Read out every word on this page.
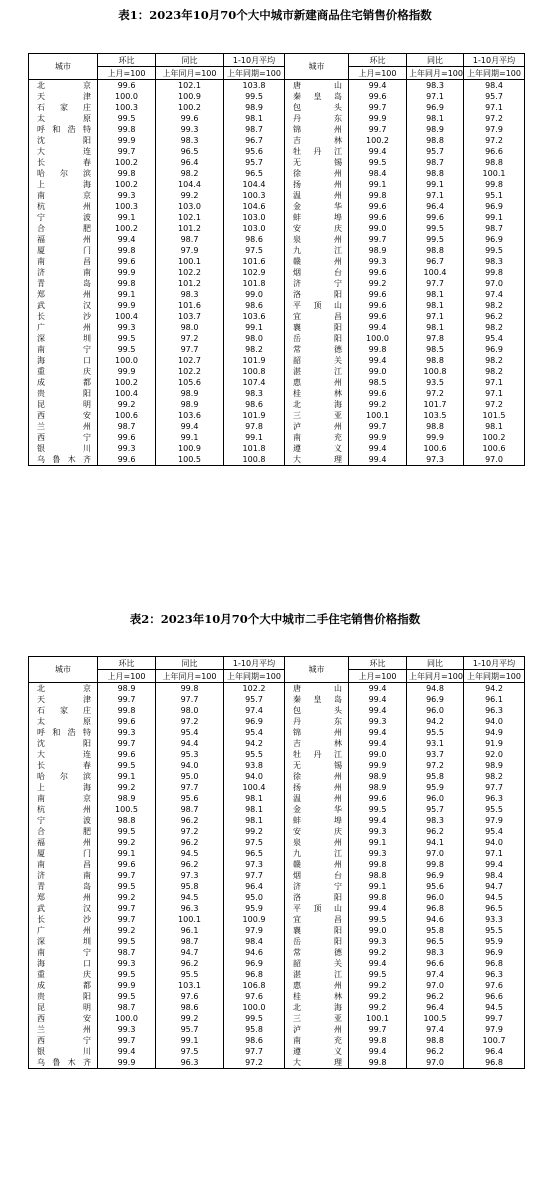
表1：2023年10月70个大中城市新建商品住宅销售价格指数
城市	环比	同比	1-10月平均	城市	环比	同比	1-10月平均
	上月=100	上年同月=100	上年同期=100		上月=100	上年同月=100	上年同期=100
北　　京	99.6	102.1	103.8	唐　　山	99.4	98.3	98.4
天　　津	100.0	100.9	99.5	秦 皇 岛	99.6	97.1	95.7
石 家 庄	100.3	100.2	98.9	包　　头	99.7	96.9	97.1
太　　原	99.5	99.6	98.1	丹　　东	99.9	98.1	97.2
呼和浩特	99.8	99.3	98.7	锦　　州	99.7	98.9	97.9
沈　　阳	99.9	98.3	96.7	吉　　林	100.2	98.8	97.2
大　　连	99.7	96.5	95.6	牡 丹 江	99.4	95.7	96.6
长　　春	100.2	96.4	95.7	无　　锡	99.5	98.7	98.8
哈 尔 滨	99.8	98.2	96.5	徐　　州	98.4	98.8	100.1
上　　海	100.2	104.4	104.4	扬　　州	99.1	99.1	99.8
南　　京	99.3	99.2	100.3	温　　州	99.8	97.1	95.1
杭　　州	100.3	103.0	104.6	金　　华	99.6	96.4	96.9
宁　　波	99.1	102.1	103.0	蚌　　埠	99.6	99.6	99.1
合　　肥	100.2	101.2	103.0	安　　庆	99.0	99.5	98.7
福　　州	99.4	98.7	98.6	泉　　州	99.7	99.5	96.9
厦　　门	99.8	97.9	97.5	九　　江	98.9	98.8	99.5
南　　昌	99.6	100.1	101.6	赣　　州	99.3	96.7	98.3
济　　南	99.9	102.2	102.9	烟　　台	99.6	100.4	99.8
青　　岛	99.8	101.2	101.8	济　　宁	99.2	97.7	97.0
郑　　州	99.1	98.3	99.0	洛　　阳	99.6	98.1	97.4
武　　汉	99.9	101.6	98.6	平 顶 山	99.6	98.1	98.2
长　　沙	100.4	103.7	103.6	宜　　昌	99.6	97.1	96.2
广　　州	99.3	98.0	99.1	襄　　阳	99.4	98.1	98.2
深　　圳	99.5	97.2	98.0	岳　　阳	100.0	97.8	95.4
南　　宁	99.5	97.7	98.2	常　　德	99.8	98.5	96.9
海　　口	100.0	102.7	101.9	韶　　关	99.4	98.8	98.2
重　　庆	99.9	102.2	100.8	湛　　江	99.0	100.8	98.2
成　　都	100.2	105.6	107.4	惠　　州	98.5	93.5	97.1
贵　　阳	100.4	98.9	98.3	桂　　林	99.6	97.2	97.1
昆　　明	99.2	98.9	98.6	北　　海	99.2	101.7	97.2
西　　安	100.6	103.6	101.9	三　　亚	100.1	103.5	101.5
兰　　州	98.7	99.4	97.8	泸　　州	99.7	98.8	98.1
西　　宁	99.6	99.1	99.1	南　　充	99.9	99.9	100.2
银　　川	99.3	100.9	101.8	遵　　义	99.4	100.6	100.6
乌鲁木齐	99.6	100.5	100.8	大　　理	99.4	97.3	97.0
表2：2023年10月70个大中城市二手住宅销售价格指数
城市	环比	同比	1-10月平均	城市	环比	同比	1-10月平均
	上月=100	上年同月=100	上年同期=100		上月=100	上年同月=100	上年同期=100
北　　京	98.9	99.8	102.2	唐　　山	99.4	94.8	94.2
天　　津	99.7	97.7	95.7	秦 皇 岛	99.4	96.9	96.1
石 家 庄	99.8	98.0	97.4	包　　头	99.4	96.0	96.3
太　　原	99.6	97.2	96.9	丹　　东	99.3	94.2	94.0
呼和浩特	99.3	95.4	95.4	锦　　州	99.4	95.5	94.9
沈　　阳	99.7	94.4	94.2	吉　　林	99.4	93.1	91.9
大　　连	99.6	95.3	95.5	牡 丹 江	99.0	93.7	92.0
长　　春	99.5	94.0	93.8	无　　锡	99.9	97.2	98.9
哈 尔 滨	99.1	95.0	94.0	徐　　州	98.9	95.8	98.2
上　　海	99.2	97.7	100.4	扬　　州	98.9	95.9	97.7
南　　京	98.9	95.6	98.1	温　　州	99.6	96.0	96.3
杭　　州	100.5	98.7	98.1	金　　华	99.5	95.7	95.5
宁　　波	98.8	96.2	98.1	蚌　　埠	99.4	98.3	97.9
合　　肥	99.5	97.2	99.2	安　　庆	99.3	96.2	95.4
福　　州	99.2	96.2	97.5	泉　　州	99.1	94.1	94.0
厦　　门	99.1	94.5	96.5	九　　江	99.3	97.0	97.1
南　　昌	99.6	96.2	97.3	赣　　州	99.8	99.8	99.4
济　　南	99.7	97.3	97.7	烟　　台	98.8	96.9	98.4
青　　岛	99.5	95.8	96.4	济　　宁	99.1	95.6	94.7
郑　　州	99.2	94.5	95.0	洛　　阳	99.8	96.0	94.5
武　　汉	99.7	96.3	95.9	平 顶 山	99.4	96.8	96.5
长　　沙	99.7	100.1	100.9	宜　　昌	99.5	94.6	93.3
广　　州	99.2	96.1	97.9	襄　　阳	99.0	95.8	95.5
深　　圳	99.5	98.7	98.4	岳　　阳	99.3	96.5	95.9
南　　宁	98.7	94.7	94.6	常　　德	99.2	98.3	96.9
海　　口	99.3	96.2	96.9	韶　　关	99.4	96.6	96.8
重　　庆	99.5	95.5	96.8	湛　　江	99.5	97.4	96.3
成　　都	99.9	103.1	106.8	惠　　州	99.2	97.0	97.6
贵　　阳	99.5	97.6	97.6	桂　　林	99.2	96.2	96.6
昆　　明	98.7	98.6	100.0	北　　海	99.2	96.4	94.5
西　　安	100.0	99.2	99.5	三　　亚	100.1	100.5	99.7
兰　　州	99.3	95.7	95.8	泸　　州	99.7	97.4	97.9
西　　宁	99.7	99.1	98.6	南　　充	99.8	98.8	100.7
银　　川	99.4	97.5	97.7	遵　　义	99.4	96.2	96.4
乌鲁木齐	99.9	96.3	97.2	大　　理	99.8	97.0	96.8
